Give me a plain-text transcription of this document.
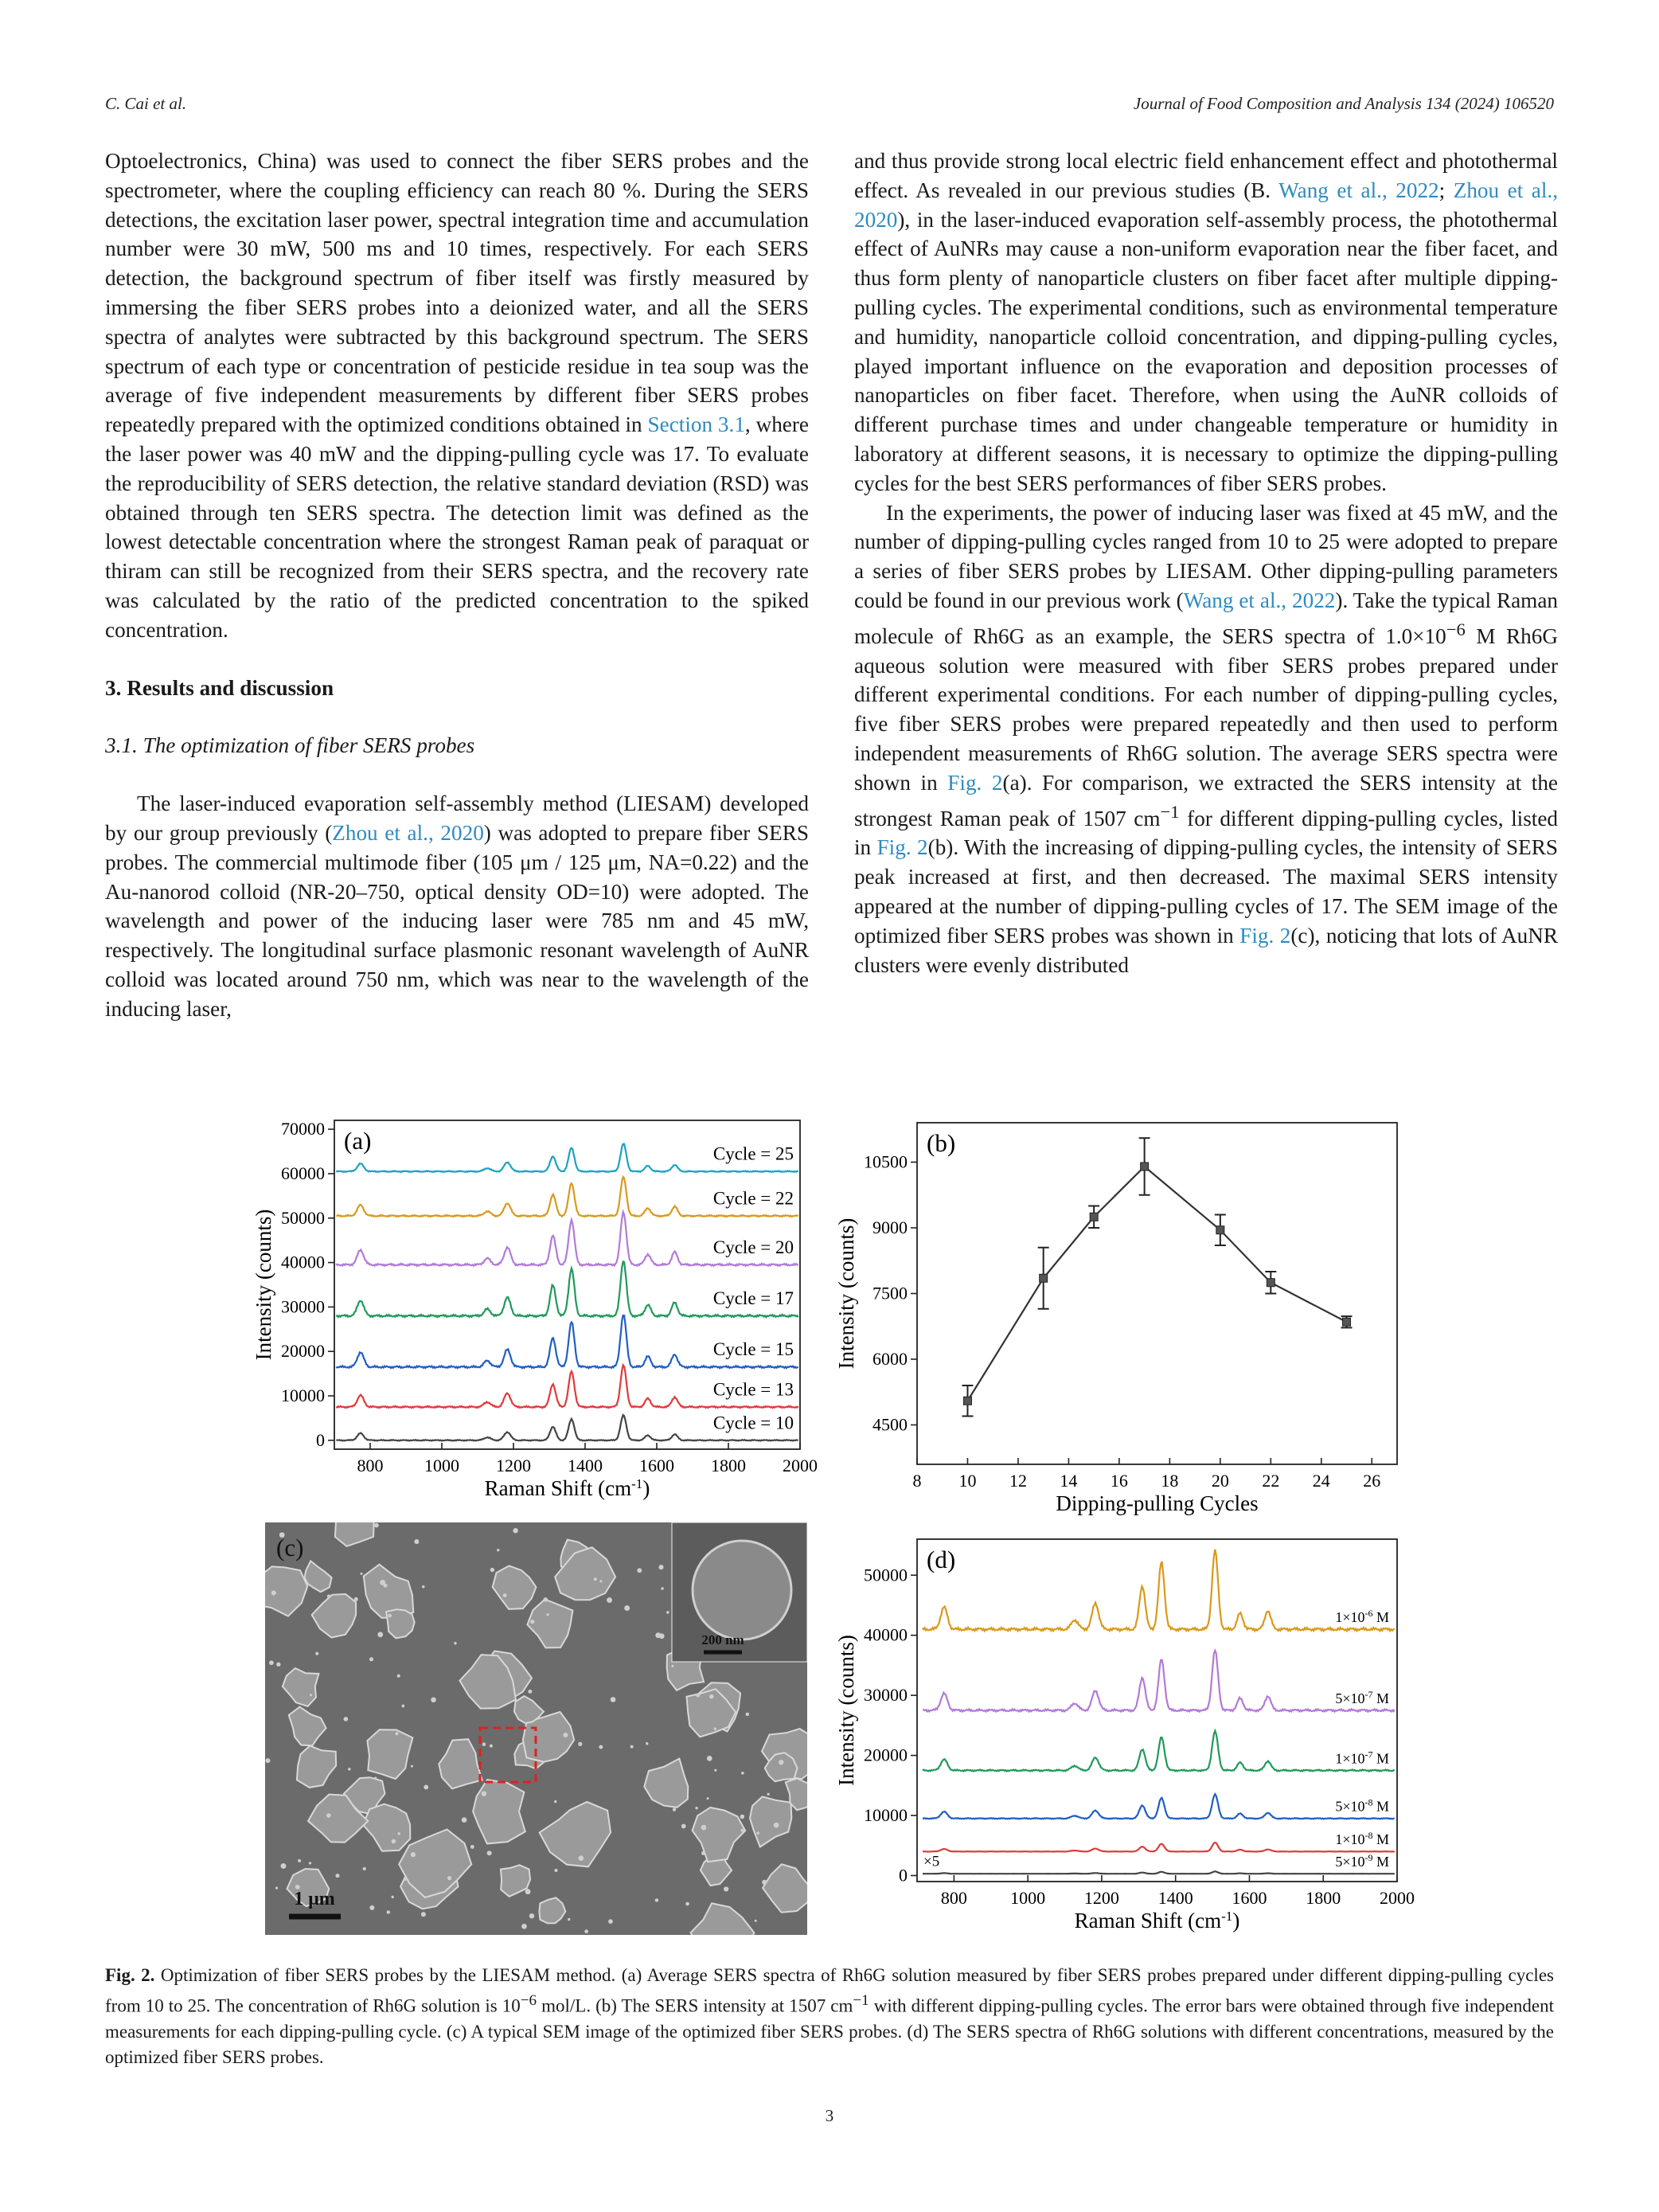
C. Cai et al.	Journal of Food Composition and Analysis 134 (2024) 106520

Optoelectronics, China) was used to connect the fiber SERS probes and the spectrometer, where the coupling efficiency can reach 80 %. During the SERS detections, the excitation laser power, spectral integration time and accumulation number were 30 mW, 500 ms and 10 times, respectively. For each SERS detection, the background spectrum of fiber itself was firstly measured by immersing the fiber SERS probes into a deionized water, and all the SERS spectra of analytes were subtracted by this background spectrum. The SERS spectrum of each type or concentration of pesticide residue in tea soup was the average of five independent measurements by different fiber SERS probes repeatedly prepared with the optimized conditions obtained in Section 3.1, where the laser power was 40 mW and the dipping-pulling cycle was 17. To evaluate the reproducibility of SERS detection, the relative standard deviation (RSD) was obtained through ten SERS spectra. The detection limit was defined as the lowest detectable concentration where the strongest Raman peak of paraquat or thiram can still be recognized from their SERS spectra, and the recovery rate was calculated by the ratio of the predicted concentration to the spiked concentration.

3. Results and discussion

3.1. The optimization of fiber SERS probes

The laser-induced evaporation self-assembly method (LIESAM) developed by our group previously (Zhou et al., 2020) was adopted to prepare fiber SERS probes. The commercial multimode fiber (105 μm / 125 μm, NA=0.22) and the Au-nanorod colloid (NR-20–750, optical density OD=10) were adopted. The wavelength and power of the inducing laser were 785 nm and 45 mW, respectively. The longitudinal surface plasmonic resonant wavelength of AuNR colloid was located around 750 nm, which was near to the wavelength of the inducing laser,

and thus provide strong local electric field enhancement effect and photothermal effect. As revealed in our previous studies (B. Wang et al., 2022; Zhou et al., 2020), in the laser-induced evaporation self-assembly process, the photothermal effect of AuNRs may cause a non-uniform evaporation near the fiber facet, and thus form plenty of nanoparticle clusters on fiber facet after multiple dipping-pulling cycles. The experimental conditions, such as environmental temperature and humidity, nanoparticle colloid concentration, and dipping-pulling cycles, played important influence on the evaporation and deposition processes of nanoparticles on fiber facet. Therefore, when using the AuNR colloids of different purchase times and under changeable temperature or humidity in laboratory at different seasons, it is necessary to optimize the dipping-pulling cycles for the best SERS performances of fiber SERS probes.

In the experiments, the power of inducing laser was fixed at 45 mW, and the number of dipping-pulling cycles ranged from 10 to 25 were adopted to prepare a series of fiber SERS probes by LIESAM. Other dipping-pulling parameters could be found in our previous work (Wang et al., 2022). Take the typical Raman molecule of Rh6G as an example, the SERS spectra of $1.0\times 10^{-6}$ M Rh6G aqueous solution were measured with fiber SERS probes prepared under different experimental conditions. For each number of dipping-pulling cycles, five fiber SERS probes were prepared repeatedly and then used to perform independent measurements of Rh6G solution. The average SERS spectra were shown in Fig. 2(a). For comparison, we extracted the SERS intensity at the strongest Raman peak of 1507 $cm^{-1}$ for different dipping-pulling cycles, listed in Fig. 2(b). With the increasing of dipping-pulling cycles, the intensity of SERS peak increased at first, and then decreased. The maximal SERS intensity appeared at the number of dipping-pulling cycles of 17. The SEM image of the optimized fiber SERS probes was shown in Fig. 2(c), noticing that lots of AuNR clusters were evenly distributed

800 1000 1200 1400 1600 1800 2000
0
10000
20000
30000
40000
50000
60000
70000
Raman Shift $(cm^{-1})$
Intensity (counts)
(a)
Cycle = 10
Cycle = 13
Cycle = 15
Cycle = 17
Cycle = 20
Cycle = 22
Cycle = 25
8 10 12 14 16 18 20 22 24 26
4500
6000
7500
9000
10500
Dipping-pulling Cycles
Intensity (counts)
(b)
200 nm
1 μm
(c)
800 1000 1200 1400 1600 1800 2000
0
10000
20000
30000
40000
50000
Raman Shift $(cm^{-1})$
Intensity (counts)
(d)
×5	$5\times 10^{-9}$ M
$1\times 10^{-8}$ M
$5\times 10^{-8}$ M
$1\times 10^{-7}$ M
$5\times 10^{-7}$ M
$1\times 10^{-6}$ M
Fig. 2. Optimization of fiber SERS probes by the LIESAM method. (a) Average SERS spectra of Rh6G solution measured by fiber SERS probes prepared under different dipping-pulling cycles from 10 to 25. The concentration of Rh6G solution is $10^{-6}$ mol/L. (b) The SERS intensity at 1507 $cm^{-1}$ with different dipping-pulling cycles. The error bars were obtained through five independent measurements for each dipping-pulling cycle. (c) A typical SEM image of the optimized fiber SERS probes. (d) The SERS spectra of Rh6G solutions with different concentrations, measured by the optimized fiber SERS probes.
3
